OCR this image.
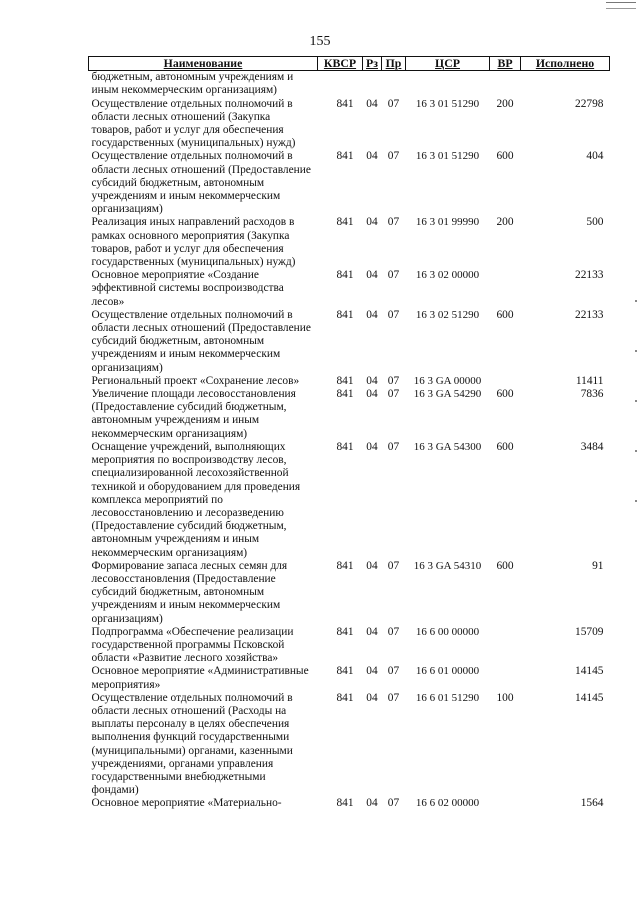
155
Наименование	КВСР	Рз	Пр	ЦСР	ВР	Исполнено
бюджетным, автономным учреждениям и иным некоммерческим организациям)						
Осуществление отдельных полномочий в области лесных отношений (Закупка товаров, работ и услуг для обеспечения государственных (муниципальных) нужд)	841	04	07	16 3 01 51290	200	22798
Осуществление отдельных полномочий в области лесных отношений (Предоставление субсидий бюджетным, автономным учреждениям и иным некоммерческим организациям)	841	04	07	16 3 01 51290	600	404
Реализация иных направлений расходов в рамках основного мероприятия (Закупка товаров, работ и услуг для обеспечения государственных (муниципальных) нужд)	841	04	07	16 3 01 99990	200	500
Основное мероприятие «Создание эффективной системы воспроизводства лесов»	841	04	07	16 3 02 00000		22133
Осуществление отдельных полномочий в области лесных отношений (Предоставление субсидий бюджетным, автономным учреждениям и иным некоммерческим организациям)	841	04	07	16 3 02 51290	600	22133
Региональный проект «Сохранение лесов»	841	04	07	16 3 GA 00000		11411
Увеличение площади лесовосстановления (Предоставление субсидий бюджетным, автономным учреждениям и иным некоммерческим организациям)	841	04	07	16 3 GA 54290	600	7836
Оснащение учреждений, выполняющих мероприятия по воспроизводству лесов, специализированной лесохозяйственной техникой и оборудованием для проведения комплекса мероприятий по лесовосстановлению и лесоразведению (Предоставление субсидий бюджетным, автономным учреждениям и иным некоммерческим организациям)	841	04	07	16 3 GA 54300	600	3484
Формирование запаса лесных семян для лесовосстановления (Предоставление субсидий бюджетным, автономным учреждениям и иным некоммерческим организациям)	841	04	07	16 3 GA 54310	600	91
Подпрограмма «Обеспечение реализации государственной программы Псковской области «Развитие лесного хозяйства»	841	04	07	16 6 00 00000		15709
Основное мероприятие «Административные мероприятия»	841	04	07	16 6 01 00000		14145
Осуществление отдельных полномочий в области лесных отношений (Расходы на выплаты персоналу в целях обеспечения выполнения функций государственными (муниципальными) органами, казенными учреждениями, органами управления государственными внебюджетными фондами)	841	04	07	16 6 01 51290	100	14145
Основное мероприятие «Материально-	841	04	07	16 6 02 00000		1564
